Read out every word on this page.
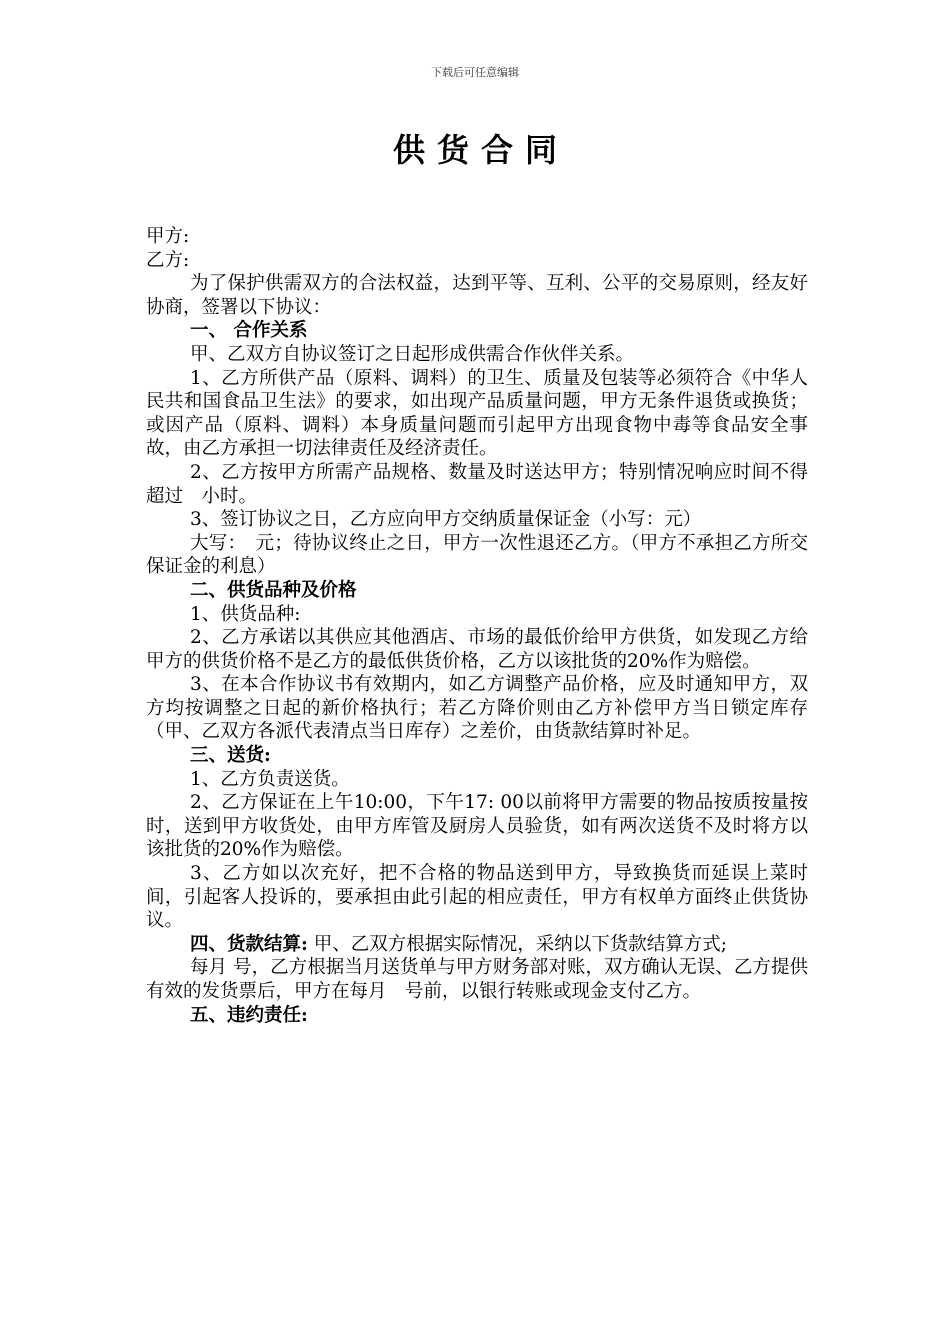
下载后可任意编辑
供货合同

甲方:

乙方:

为了保护供需双方的合法权益，达到平等、互利、公平的交易原则，经友好协商，签署以下协议：

一、 合作关系

甲、乙双方自协议签订之日起形成供需合作伙伴关系。

1、乙方所供产品（原料、调料）的卫生、质量及包装等必须符合《中华人民共和国食品卫生法》的要求，如出现产品质量问题，甲方无条件退货或换货；或因产品（原料、调料）本身质量问题而引起甲方出现食物中毒等食品安全事故，由乙方承担一切法律责任及经济责任。

2、乙方按甲方所需产品规格、数量及时送达甲方；特别情况响应时间不得超过　小时。

3、签订协议之日，乙方应向甲方交纳质量保证金（小写：元）

大写：　元；待协议终止之日，甲方一次性退还乙方。（甲方不承担乙方所交保证金的利息）

二、供货品种及价格

1、供货品种:

2、乙方承诺以其供应其他酒店、市场的最低价给甲方供货，如发现乙方给甲方的供货价格不是乙方的最低供货价格，乙方以该批货的20%作为赔偿。

3、在本合作协议书有效期内，如乙方调整产品价格，应及时通知甲方，双方均按调整之日起的新价格执行；若乙方降价则由乙方补偿甲方当日锁定库存（甲、乙双方各派代表清点当日库存）之差价，由货款结算时补足。

三、送货:

1、乙方负责送货。

2、乙方保证在上午10:00，下午17: 00以前将甲方需要的物品按质按量按时，送到甲方收货处，由甲方库管及厨房人员验货，如有两次送货不及时将方以该批货的20%作为赔偿。

3、乙方如以次充好，把不合格的物品送到甲方，导致换货而延误上菜时间，引起客人投诉的，要承担由此引起的相应责任，甲方有权单方面终止供货协议。

四、货款结算: 甲、乙双方根据实际情况，采纳以下货款结算方式;

每月 号，乙方根据当月送货单与甲方财务部对账，双方确认无误、乙方提供有效的发货票后，甲方在每月　号前，以银行转账或现金支付乙方。

五、违约责任:
